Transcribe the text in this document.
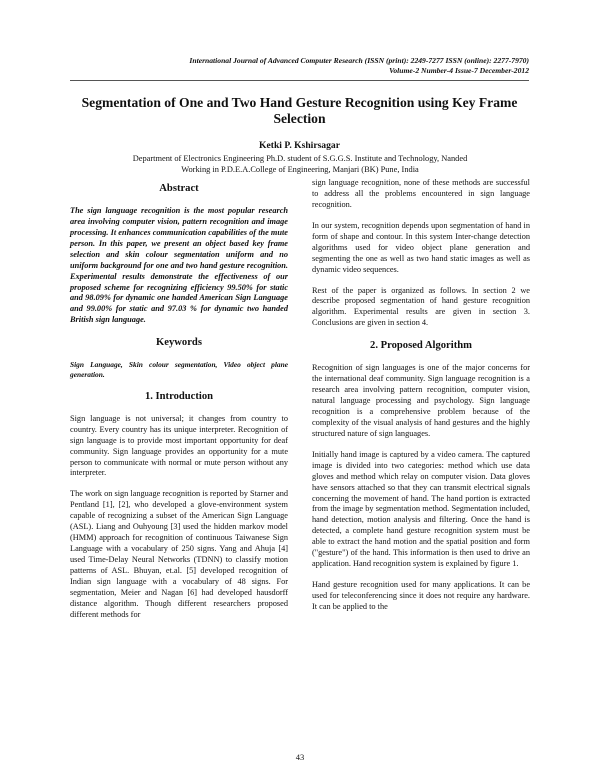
International Journal of Advanced Computer Research (ISSN (print): 2249-7277 ISSN (online): 2277-7970)
Volume-2 Number-4 Issue-7 December-2012
Segmentation of One and Two Hand Gesture Recognition using Key Frame Selection
Ketki P. Kshirsagar
Department of Electronics Engineering Ph.D. student of S.G.G.S. Institute and Technology, Nanded
Working in P.D.E.A.College of Engineering, Manjari (BK) Pune, India
Abstract

The sign language recognition is the most popular research area involving computer vision, pattern recognition and image processing. It enhances communication capabilities of the mute person. In this paper, we present an object based key frame selection and skin colour segmentation uniform and no uniform background for one and two hand gesture recognition. Experimental results demonstrate the effectiveness of our proposed scheme for recognizing efficiency 99.50% for static and 98.09% for dynamic one handed American Sign Language and 99.00% for static and 97.03 % for dynamic two handed British sign language.

Keywords

Sign Language, Skin colour segmentation, Video object plane generation.

1. Introduction

Sign language is not universal; it changes from country to country. Every country has its unique interpreter. Recognition of sign language is to provide most important opportunity for deaf community. Sign language provides an opportunity for a mute person to communicate with normal or mute person without any interpreter.

The work on sign language recognition is reported by Starner and Pentland [1], [2], who developed a glove-environment system capable of recognizing a subset of the American Sign Language (ASL). Liang and Ouhyoung [3] used the hidden markov model (HMM) approach for recognition of continuous Taiwanese Sign Language with a vocabulary of 250 signs. Yang and Ahuja [4] used Time-Delay Neural Networks (TDNN) to classify motion patterns of ASL. Bhuyan, et.al. [5] developed recognition of Indian sign language with a vocabulary of 48 signs. For segmentation, Meier and Nagan [6] had developed hausdorff distance algorithm. Though different researchers proposed different methods for

sign language recognition, none of these methods are successful to address all the problems encountered in sign language recognition.

In our system, recognition depends upon segmentation of hand in form of shape and contour. In this system Inter-change detection algorithms used for video object plane generation and segmenting the one as well as two hand static images as well as dynamic video sequences.

Rest of the paper is organized as follows. In section 2 we describe proposed segmentation of hand gesture recognition algorithm. Experimental results are given in section 3. Conclusions are given in section 4.

2. Proposed Algorithm

Recognition of sign languages is one of the major concerns for the international deaf community. Sign language recognition is a research area involving pattern recognition, computer vision, natural language processing and psychology. Sign language recognition is a comprehensive problem because of the complexity of the visual analysis of hand gestures and the highly structured nature of sign languages.

Initially hand image is captured by a video camera. The captured image is divided into two categories: method which use data gloves and method which relay on computer vision. Data gloves have sensors attached so that they can transmit electrical signals concerning the movement of hand. The hand portion is extracted from the image by segmentation method. Segmentation included, hand detection, motion analysis and filtering. Once the hand is detected, a complete hand gesture recognition system must be able to extract the hand motion and the spatial position and form ("gesture") of the hand. This information is then used to drive an application. Hand recognition system is explained by figure 1.

Hand gesture recognition used for many applications. It can be used for teleconferencing since it does not require any hardware. It can be applied to the

43
